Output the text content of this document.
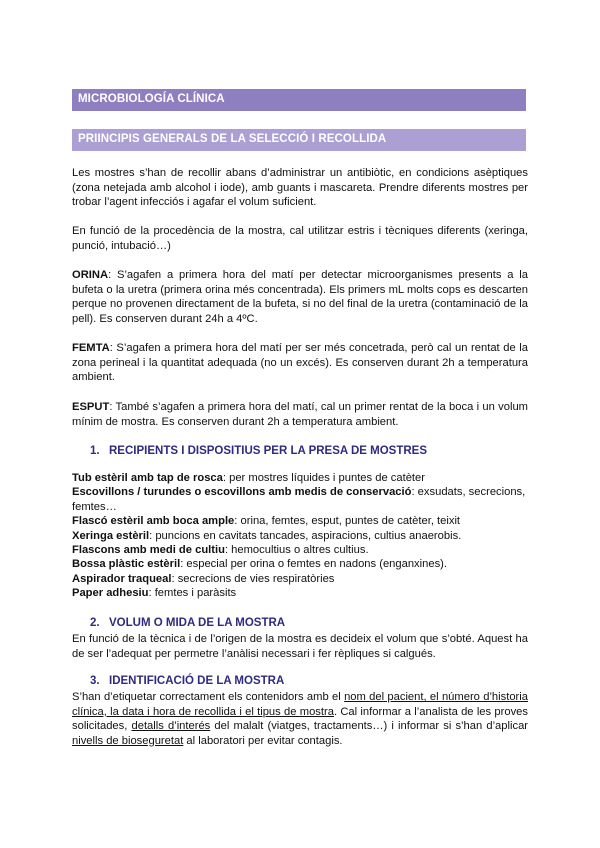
MICROBIOLOGÍA CLÍNICA
PRIINCIPIS GENERALS DE LA SELECCIÓ I RECOLLIDA

Les mostres s’han de recollir abans d’administrar un antibiòtic, en condicions asèptiques (zona netejada amb alcohol i iode), amb guants i mascareta. Prendre diferents mostres per trobar l’agent infecciós i agafar el volum suficient.

En funció de la procedència de la mostra, cal utilitzar estris i tècniques diferents (xeringa, punció, intubació…)

ORINA: S’agafen a primera hora del matí per detectar microorganismes presents a la bufeta o la uretra (primera orina més concentrada). Els primers mL molts cops es descarten perque no provenen directament de la bufeta, si no del final de la uretra (contaminació de la pell). Es conserven durant 24h a 4ºC.

FEMTA: S’agafen a primera hora del matí per ser més concetrada, però cal un rentat de la zona perineal i la quantitat adequada (no un excés). Es conserven durant 2h a temperatura ambient.

ESPUT: També s’agafen a primera hora del matí, cal un primer rentat de la boca i un volum mínim de mostra. Es conserven durant 2h a temperatura ambient.

1. RECIPIENTS I DISPOSITIUS PER LA PRESA DE MOSTRES
Tub estèril amb tap de rosca: per mostres líquides i puntes de catèter
Escovillons / turundes o escovillons amb medis de conservació: exsudats, secrecions, femtes…
Flascó estèril amb boca ample: orina, femtes, esput, puntes de catèter, teixit
Xeringa estèril: puncions en cavitats tancades, aspiracions, cultius anaerobis.
Flascons amb medi de cultiu: hemocultius o altres cultius.
Bossa plàstic estèril: especial per orina o femtes en nadons (enganxines).
Aspirador traqueal: secrecions de vies respiratòries
Paper adhesiu: femtes i paràsits
2. VOLUM O MIDA DE LA MOSTRA

En funció de la tècnica i de l’origen de la mostra es decideix el volum que s’obté. Aquest ha de ser l’adequat per permetre l’anàlisi necessari i fer rèpliques si calgués.

3. IDENTIFICACIÓ DE LA MOSTRA

S’han d’etiquetar correctament els contenidors amb el nom del pacient, el número d’historia clínica, la data i hora de recollida i el tipus de mostra. Cal informar a l’analista de les proves solicitades, detalls d’interés del malalt (viatges, tractaments…) i informar si s’han d’aplicar nivells de bioseguretat al laboratori per evitar contagis.
